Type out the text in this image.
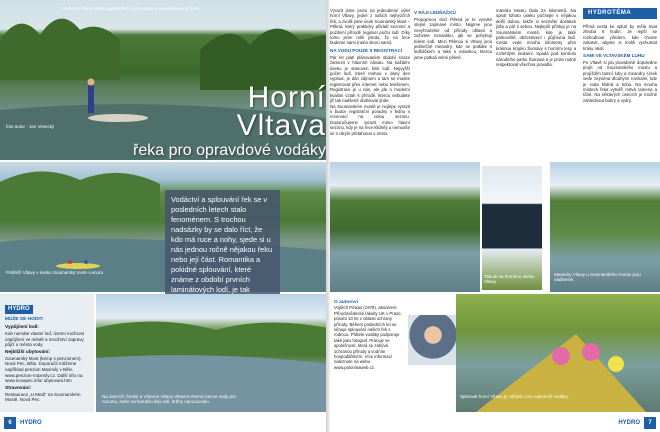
Na horní Vltavě stále najdete klid, čistou vodu a neporušenou přírodu.
foto autor · Jan Vesecký
Horní
Vltava
řeka pro opravdové vodáky
Pobřeží Vltavy v úseku Soumarský most–Lenora
Vodáctví a splouvání řek se v posledních letech stalo fenoménem. S trochou nadsázky by se dalo říct, že kdo má ruce a nohy, sjede si u nás jednou ročně nějakou řeku nebo její část. Romantika a pokidné splouvání, které známe z období prvních laminátových lodí, je tak
HYDRO
MŮŽE SE HODIT:
Vypůjčení lodí:

Kde nemáte vlastní loď, území možnost zapůjčení ve městě a množství zapravy půjčí u města vody.

Nejbližší ubytování:

Soumarský Most (kemp s penzionem), Nová Pec, Běla. Doporučit můžeme například penzion Maxmily v Běle, www.penzion-maxmily.cz. Další info na www.novapec.info/ ubytovani.htm

Stravování:

Restaurace „U Medi“ na Soumarském Mostě, Nová Pec.

Na úsecích České a Vltavice Vltava Vltavice Remiz bance vody pro rozumu, nebo na bumbilo lidu vidí, brbhy narozuovalo.
6	HYDRO
Vyrazit jsme proto na jednodenní výlet horní Vltavy, jedné z našich nejhezčích řek, a zvolili jsme úsek Soumarský Most – Pěkná, který prakticky přivádí sezonní a pozitivní přírodě regulaci počtu lodí. Díky tomu jsme měli jistotu, že na řece budeme sami (nebo skoro sami).
NA VODU POUZE S REGISTRACÍ
Pár let platí plánovaném období snaze zamezit v hlavním návalu. Na každém úseku je stanoven limit lodí. Nejvyšší počet lodí, které mohou v daný den vyplout, je dán zájmem a tam se musíte registrovat přes internet nebo telefonem. Registrace je u nás, ale jde o moderní kvalitní vztah k přírodě, kterou nebudete již tak nadšeně obdivovat jinde.
Na Soumarském mostě je nejlépe vyrazit v budce registrační poradny v lednu s rezervací na celou sezonu. Doporučujeme vyrazit mimo hlavní sezónu, kdy je na řece klidněji a nemusíte se s nikým přetahovat o místo.
V RÁJI LEDŇÁČKŮ
Propojenou obcí Pěkná je to vysoké stejné zajímavé místo. Nejprve jsou nevyhnutelné od přírody oblasti a zaživete romantiku, jak se pohybují kolem lodí. Mezi Pěknou si Vltavy jsou jedinečné meandry, kde se potkáte s ledňáčkem a také s volavkou, kterou jsme potkali velmi pěkně.
mansko Mostu čtala 24 kilometrů. Na splutí tohoto úseku počítejte s nějakou delší dobou, takže si vezměte dostatek jídla a pití s sebou. Nejlepší přístup je na Soumarském mostě, kde je také parkoviště, občerstvení i půjčovna lodí. Cesta vede mnoha kilometry přes krásnou krajinu Šumavy s horními lesy a rozlehlými loukami. Spadá pod kontrolu národního parku Šumava a je proto nutné respektovat všechna pravidla.
HYDROTÉMA
Přímá cesta ke splutí by měla trvat zhruba 6 hodin. Je lepší se rozhodnout předem, kde chcete zakotvit, abyste si mohli vychutnat krásy okolí.
SAMI VE VLTAVSKÉM LUHU
Po Vltavě si jdu pravidelně dopoledne projít od Soumarského mostu a projíždím tamní luhy a meandry. Úsek vede zejména dlouhými rovinami, kde je voda klidná a tichá. Na mnoha místech řeka vytváří mrtvá ramena a tůně. Na některých úsecích je možné zahlédnout bobry a vydry.
Tabule na hornímu úseku Vltavy
Meandry Vltavy u Soumarského mostu jsou nádherné.
O autorovi
Vojtěch Pinkas (1978), absolvent Přírodovědecké fakulty UK v Praze, působí 10 let v oblasti ochrany přírody. Během posledních let se věnuje splouvání našich řek s rodinou. Přátele vodáky podporuje také jako fotograf. Pracuje ve společnosti, která se zabývá ochranou přírody a vodním hospodářstvím. Více informací naleznete na webu www.poloninaweb.cz.
Splouvat horní Vltavu je zážitek i pro nejmenší vodáky.
HYDRO	7
